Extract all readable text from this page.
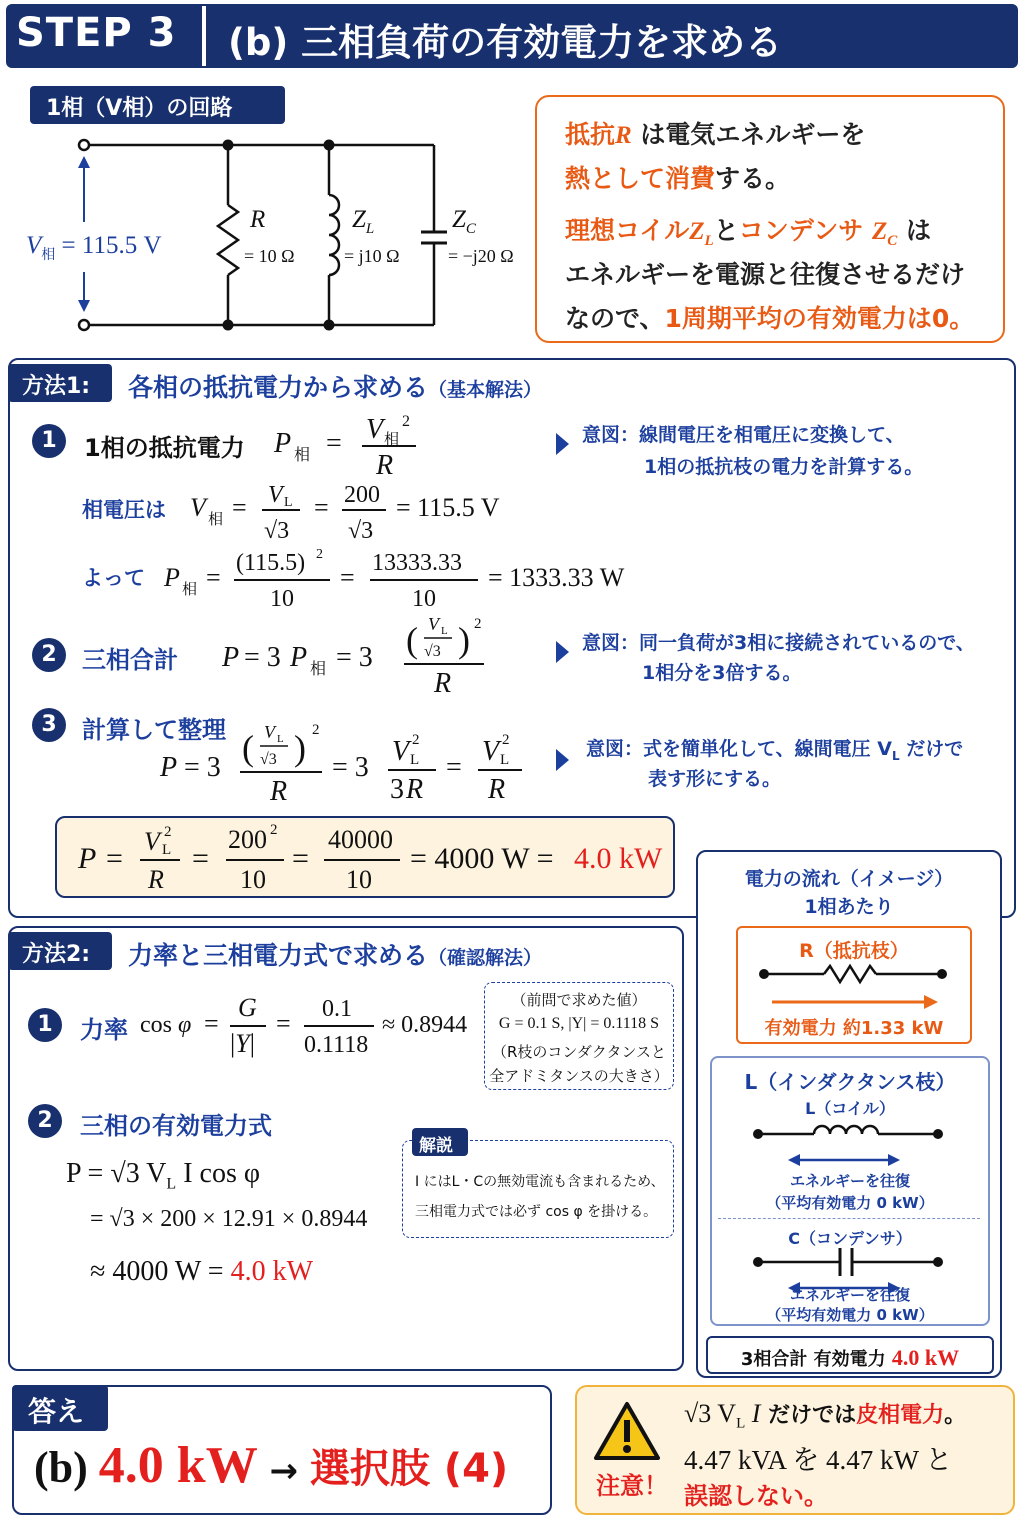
STEP 3 (b) 三相負荷の有効電力を求める
1相（V相）の回路
$V_相 = 115.5$ V
R
= 10 Ω
$Z_L$
= j10 Ω
$Z_C$
= −j20 Ω
抵抗R は電気エネルギーを
熱として消費する。
理想コイル$Z_L$とコンデンサ $Z_C$ は
エネルギーを電源と往復させるだけ
なので、1周期平均の有効電力は0。
方法1: 各相の抵抗電力から求める（基本解法）
1	1相の抵抗電力 P 相 = V 相
2
R
意図：線間電圧を相電圧に変換して、
1相の抵抗枝の電力を計算する。
相電圧は V 相 = V L
√3
= 200
√3
= 115.5 V
よって P 相 = (115.5) 2
10
= 13333.33
10
= 1333.33 W
2	三相合計 P = 3 P 相 = 3 ( V L
√3 ) 2
R
意図：同一負荷が3相に接続されているので、
1相分を3倍する。
3	計算して整理
P = 3 ( V L
√3 ) 2
R
= 3
V L
2
3 R
=
V L
2
R
意図：式を簡単化して、線間電圧 $V_L$ だけで
表す形にする。
P =
V L
2
R
=
200 2
10
=
40000
10
= 4000 W = 4.0 kW
方法2: 力率と三相電力式で求める（確認解法）
1	力率 cos φ =
G
|Y|
= 0.1
0.1118
≈ 0.8944
（前問で求めた値）
G = 0.1 S, |Y| = 0.1118 S
（R枝のコンダクタンスと
全アドミタンスの大きさ）
2	三相の有効電力式
P = √3 $V_L$ I cos φ
= √3 × 200 × 12.91 × 0.8944
≈ 4000 W = 4.0 kW
I にはL・Cの無効電流も含まれるため、
三相電力式では必ず cos φ を掛ける。
解説
電力の流れ（イメージ）
1相あたり
R（抵抗枝）
有効電力 約1.33 kW
L（インダクタンス枝）
L（コイル）
エネルギーを往復
（平均有効電力 0 kW）
C（コンデンサ）
エネルギーを往復
（平均有効電力 0 kW）
3相合計 有効電力 4.0 kW
答え
(b) 4.0 kW → 選択肢 (4)	注意！
√3 $V_L$ I だけでは皮相電力。
4.47 kVA を 4.47 kW と
誤認しない。
